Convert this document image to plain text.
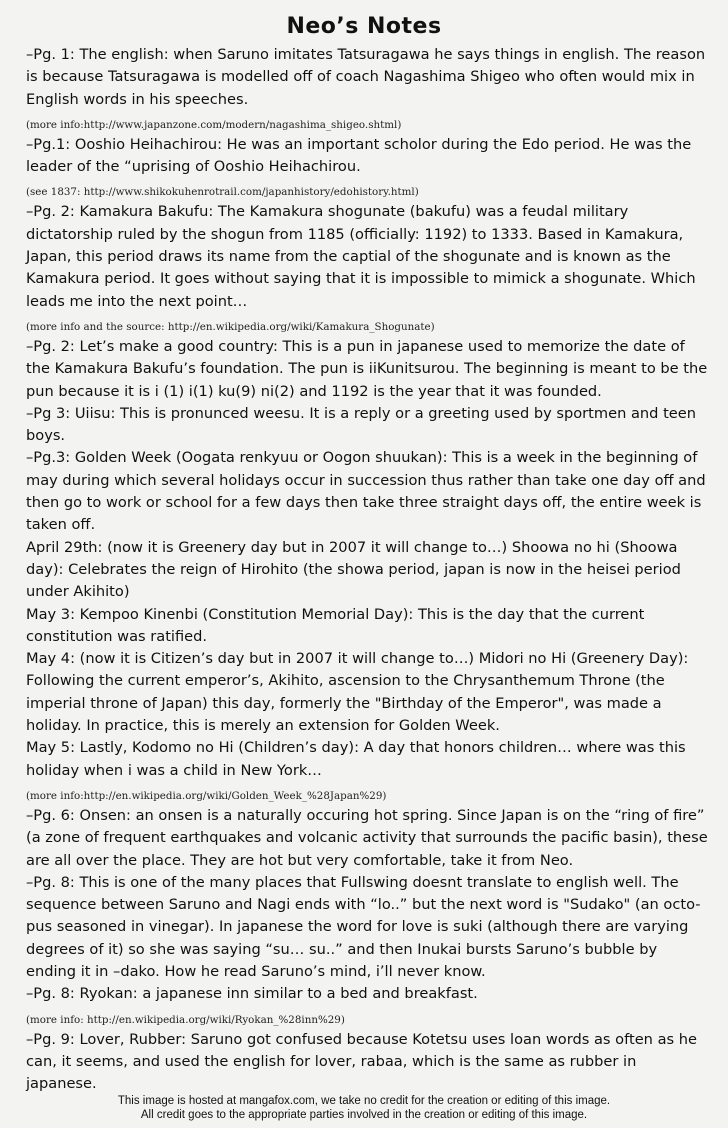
Neo’s Notes
–Pg. 1: The english: when Saruno imitates Tatsuragawa he says things in english. The reason is because Tatsuragawa is modelled off of coach Nagashima Shigeo who often would mix in English words in his speeches.
(more info:http://www.japanzone.com/modern/nagashima_shigeo.shtml)
–Pg.1: Ooshio Heihachirou: He was an important scholor during the Edo period. He was the leader of the “uprising of Ooshio Heihachirou.
(see 1837: http://www.shikokuhenrotrail.com/japanhistory/edohistory.html)
–Pg. 2: Kamakura Bakufu: The Kamakura shogunate (bakufu) was a feudal military dictatorship ruled by the shogun from 1185 (officially: 1192) to 1333. Based in Kamakura, Japan, this period draws its name from the captial of the shogunate and is known as the Kamakura period. It goes without saying that it is impossible to mimick a shogunate. Which leads me into the next point…
(more info and the source: http://en.wikipedia.org/wiki/Kamakura_Shogunate)
–Pg. 2: Let’s make a good country: This is a pun in japanese used to memorize the date of the Kamakura Bakufu’s foundation. The pun is iiKunitsurou. The beginning is meant to be the pun because it is i (1) i(1) ku(9) ni(2) and 1192 is the year that it was founded.
–Pg 3: Uiisu: This is pronunced weesu. It is a reply or a greeting used by sportmen and teen boys.
–Pg.3: Golden Week (Oogata renkyuu or Oogon shuukan): This is a week in the beginning of may during which several holidays occur in succession thus rather than take one day off and then go to work or school for a few days then take three straight days off, the entire week is taken off.
April 29th: (now it is Greenery day but in 2007 it will change to…) Shoowa no hi (Shoowa day): Celebrates the reign of Hirohito (the showa period, japan is now in the heisei period under Akihito)
May 3: Kempoo Kinenbi (Constitution Memorial Day): This is the day that the current constitution was ratified.
May 4: (now it is Citizen’s day but in 2007 it will change to…) Midori no Hi (Greenery Day): Following the current emperor’s, Akihito, ascension to the Chrysanthemum Throne (the imperial throne of Japan) this day, formerly the "Birthday of the Emperor", was made a holiday. In practice, this is merely an extension for Golden Week.
May 5: Lastly, Kodomo no Hi (Children’s day): A day that honors children… where was this holiday when i was a child in New York…
(more info:http://en.wikipedia.org/wiki/Golden_Week_%28Japan%29)
–Pg. 6: Onsen: an onsen is a naturally occuring hot spring. Since Japan is on the “ring of fire” (a zone of frequent earthquakes and volcanic activity that surrounds the pacific basin), these are all over the place. They are hot but very comfortable, take it from Neo.
–Pg. 8: This is one of the many places that Fullswing doesnt translate to english well. The sequence between Saruno and Nagi ends with “lo..” but the next word is "Sudako" (an octo-pus seasoned in vinegar). In japanese the word for love is suki (although there are varying degrees of it) so she was saying “su… su..” and then Inukai bursts Saruno’s bubble by ending it in –dako. How he read Saruno’s mind, i’ll never know.
–Pg. 8: Ryokan: a japanese inn similar to a bed and breakfast.
(more info: http://en.wikipedia.org/wiki/Ryokan_%28inn%29)
–Pg. 9: Lover, Rubber: Saruno got confused because Kotetsu uses loan words as often as he can, it seems, and used the english for lover, rabaa, which is the same as rubber in japanese.
This image is hosted at mangafox.com, we take no credit for the creation or editing of this image.
All credit goes to the appropriate parties involved in the creation or editing of this image.
